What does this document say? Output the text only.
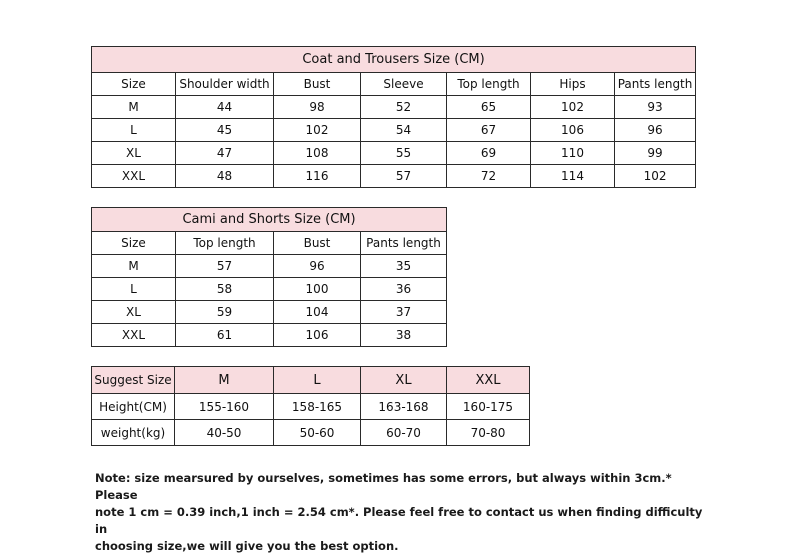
Coat and Trousers Size (CM)						
Size	Shoulder width	Bust	Sleeve	Top length	Hips	Pants length
M	44	98	52	65	102	93
L	45	102	54	67	106	96
XL	47	108	55	69	110	99
XXL	48	116	57	72	114	102
Cami and Shorts Size (CM)			
Size	Top length	Bust	Pants length
M	57	96	35
L	58	100	36
XL	59	104	37
XXL	61	106	38
Suggest Size	M	L	XL	XXL
Height(CM)	155-160	158-165	163-168	160-175
weight(kg)	40-50	50-60	60-70	70-80
Note: size mearsured by ourselves, sometimes has some errors, but always within 3cm.* Please
note 1 cm = 0.39 inch,1 inch = 2.54 cm*. Please feel free to contact us when finding difficulty in
choosing size,we will give you the best option.
